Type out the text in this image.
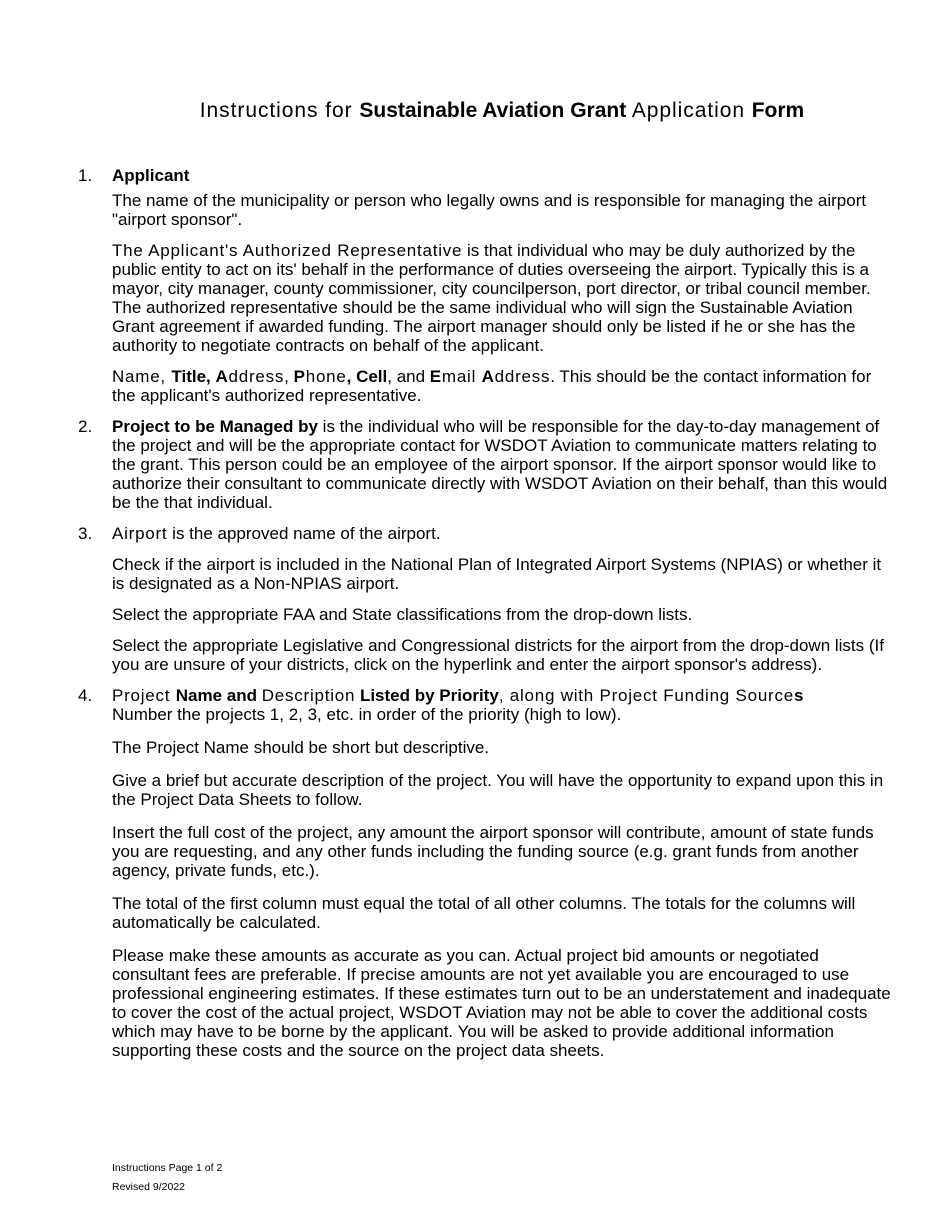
Instructions for Sustainable Aviation Grant Application Form
1. Applicant

The name of the municipality or person who legally owns and is responsible for managing the airport "airport sponsor".

The Applicant's Authorized Representative is that individual who may be duly authorized by the public entity to act on its' behalf in the performance of duties overseeing the airport. Typically this is a mayor, city manager, county commissioner, city councilperson, port director, or tribal council member. The authorized representative should be the same individual who will sign the Sustainable Aviation Grant agreement if awarded funding. The airport manager should only be listed if he or she has the authority to negotiate contracts on behalf of the applicant.

Name, Title, Address, Phone, Cell, and Email Address. This should be the contact information for the applicant's authorized representative.

2. Project to be Managed by is the individual who will be responsible for the day-to-day management of the project and will be the appropriate contact for WSDOT Aviation to communicate matters relating to the grant. This person could be an employee of the airport sponsor. If the airport sponsor would like to authorize their consultant to communicate directly with WSDOT Aviation on their behalf, than this would be the that individual.

3. Airport is the approved name of the airport.

Check if the airport is included in the National Plan of Integrated Airport Systems (NPIAS) or whether it is designated as a Non-NPIAS airport.

Select the appropriate FAA and State classifications from the drop-down lists.

Select the appropriate Legislative and Congressional districts for the airport from the drop-down lists (If you are unsure of your districts, click on the hyperlink and enter the airport sponsor's address).

4. Project Name and Description Listed by Priority, along with Project Funding Sources
Number the projects 1, 2, 3, etc. in order of the priority (high to low).

The Project Name should be short but descriptive.

Give a brief but accurate description of the project. You will have the opportunity to expand upon this in the Project Data Sheets to follow.

Insert the full cost of the project, any amount the airport sponsor will contribute, amount of state funds you are requesting, and any other funds including the funding source (e.g. grant funds from another agency, private funds, etc.).

The total of the first column must equal the total of all other columns. The totals for the columns will automatically be calculated.

Please make these amounts as accurate as you can. Actual project bid amounts or negotiated consultant fees are preferable. If precise amounts are not yet available you are encouraged to use professional engineering estimates. If these estimates turn out to be an understatement and inadequate to cover the cost of the actual project, WSDOT Aviation may not be able to cover the additional costs which may have to be borne by the applicant. You will be asked to provide additional information supporting these costs and the source on the project data sheets.

Instructions Page 1 of 2
Revised 9/2022
